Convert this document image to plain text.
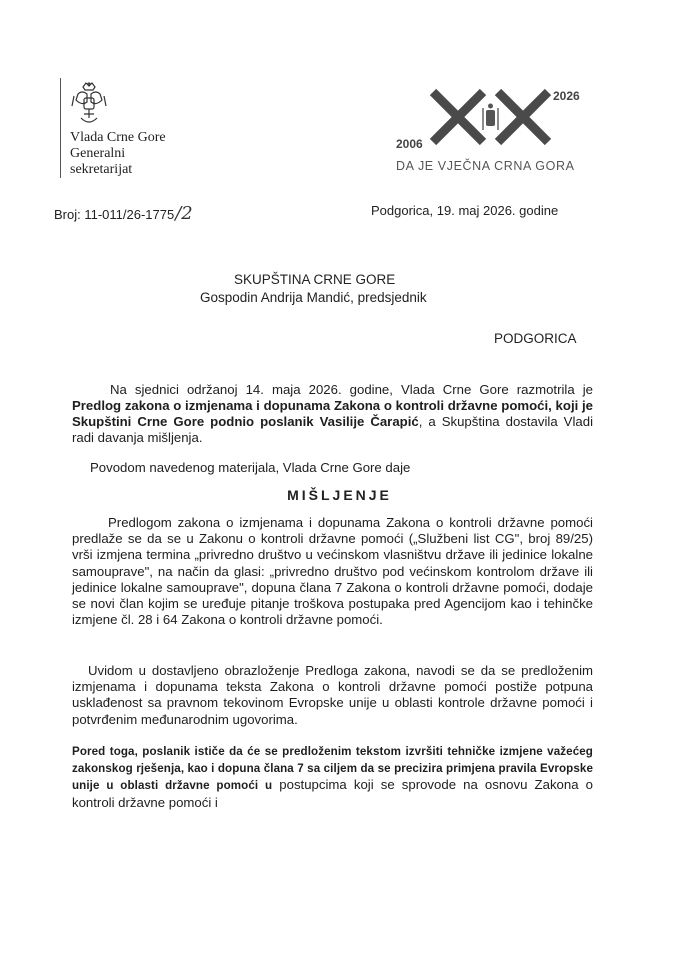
Vlada Crne Gore
Generalni
sekretarijat
Broj: 11-011/26-1775/2
2006
2026
DA JE VJEČNA CRNA GORA
Podgorica, 19. maj 2026. godine
SKUPŠTINA CRNE GORE
Gospodin Andrija Mandić, predsjednik
PODGORICA
Na sjednici održanoj 14. maja 2026. godine, Vlada Crne Gore razmotrila je Predlog zakona o izmjenama i dopunama Zakona o kontroli državne pomoći, koji je Skupštini Crne Gore podnio poslanik Vasilije Čarapić, a Skupština dostavila Vladi radi davanja mišljenja.
Povodom navedenog materijala, Vlada Crne Gore daje
MIŠLJENJE
Predlogom zakona o izmjenama i dopunama Zakona o kontroli državne pomoći predlaže se da se u Zakonu o kontroli državne pomoći („Službeni list CG", broj 89/25) vrši izmjena termina „privredno društvo u većinskom vlasništvu države ili jedinice lokalne samouprave", na način da glasi: „privredno društvo pod većinskom kontrolom države ili jedinice lokalne samouprave", dopuna člana 7 Zakona o kontroli državne pomoći, dodaje se novi član kojim se uređuje pitanje troškova postupaka pred Agencijom kao i tehinčke izmjene čl. 28 i 64 Zakona o kontroli državne pomoći.
Uvidom u dostavljeno obrazloženje Predloga zakona, navodi se da se predloženim izmjenama i dopunama teksta Zakona o kontroli državne pomoći postiže potpuna usklađenost sa pravnom tekovinom Evropske unije u oblasti kontrole državne pomoći i potvrđenim međunarodnim ugovorima.
Pored toga, poslanik ističe da će se predloženim tekstom izvršiti tehničke izmjene važećeg zakonskog rješenja, kao i dopuna člana 7 sa ciljem da se precizira primjena pravila Evropske unije u oblasti državne pomoći u postupcima koji se sprovode na osnovu Zakona o kontroli državne pomoći i
